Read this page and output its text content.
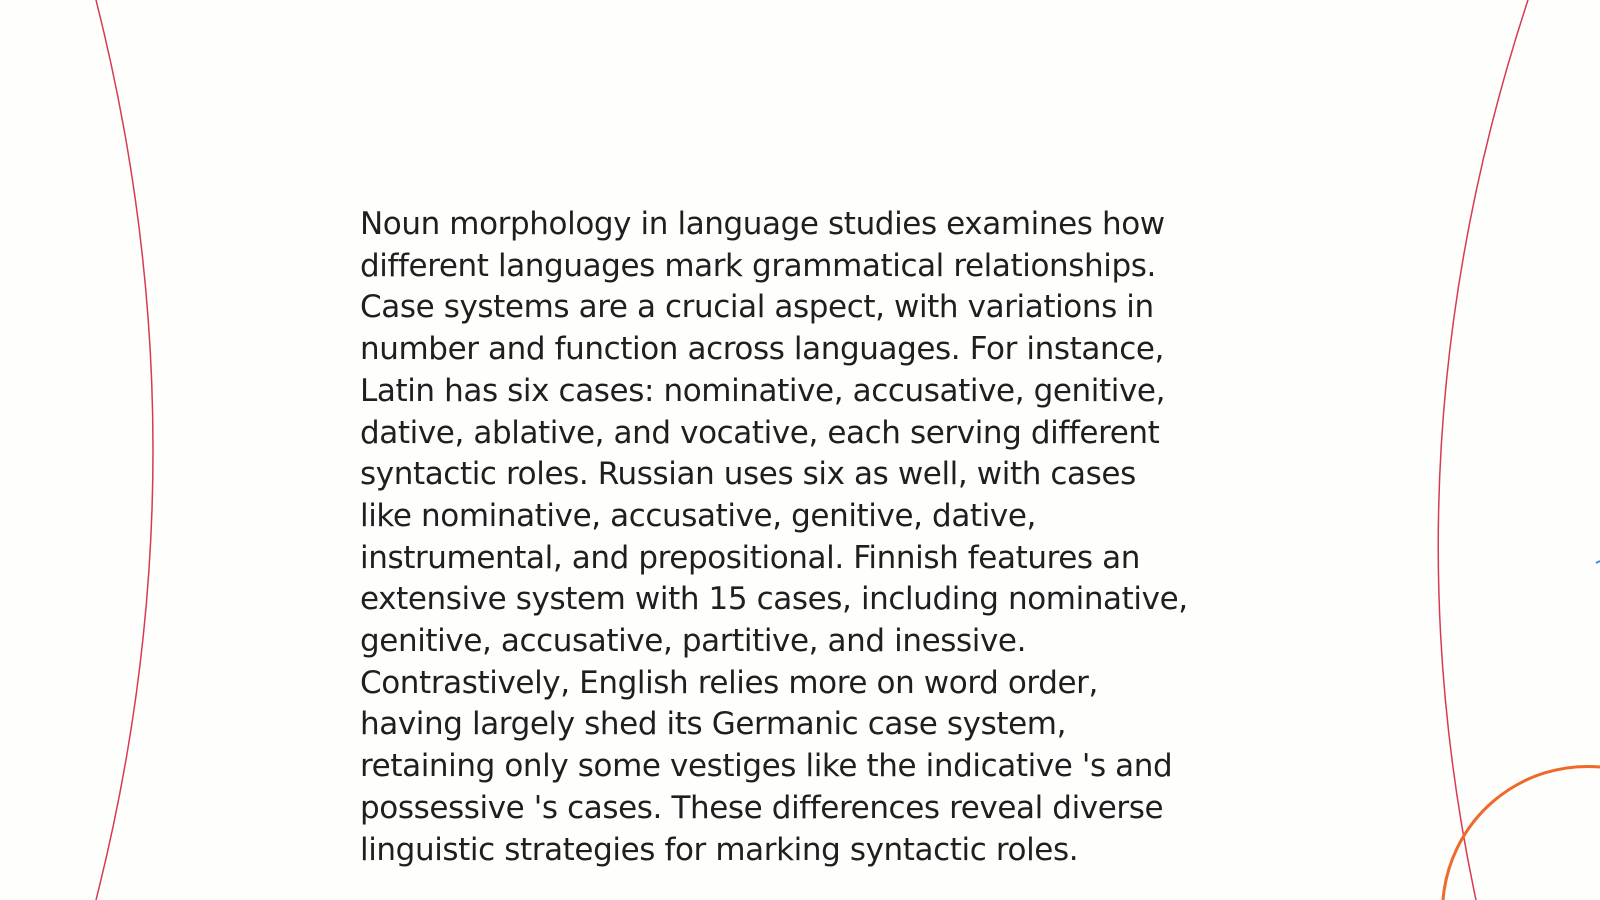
Noun morphology in language studies examines how
different languages mark grammatical relationships.
Case systems are a crucial aspect, with variations in
number and function across languages. For instance,
Latin has six cases: nominative, accusative, genitive,
dative, ablative, and vocative, each serving different
syntactic roles. Russian uses six as well, with cases
like nominative, accusative, genitive, dative,
instrumental, and prepositional. Finnish features an
extensive system with 15 cases, including nominative,
genitive, accusative, partitive, and inessive.
Contrastively, English relies more on word order,
having largely shed its Germanic case system,
retaining only some vestiges like the indicative 's and
possessive 's cases. These differences reveal diverse
linguistic strategies for marking syntactic roles.
